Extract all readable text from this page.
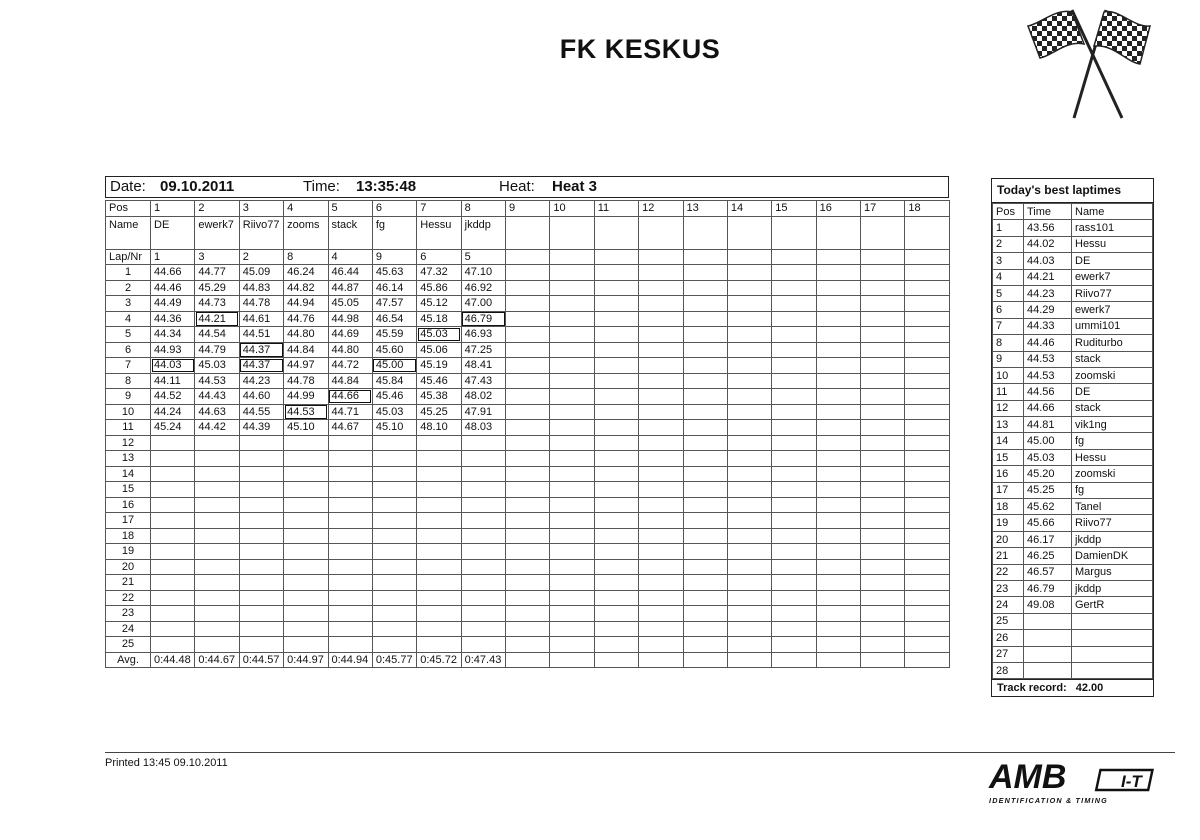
FK KESKUS
Date: 09.10.2011	Time: 13:35:48	Heat: Heat 3
Pos	1	2	3	4	5	6	7	8	9	10	11	12	13	14	15	16	17	18
Name	DE	ewerk7	Riivo77	zooms	stack	fg	Hessu	jkddp										
Lap/Nr	1	3	2	8	4	9	6	5										
1	44.66	44.77	45.09	46.24	46.44	45.63	47.32	47.10										
2	44.46	45.29	44.83	44.82	44.87	46.14	45.86	46.92										
3	44.49	44.73	44.78	44.94	45.05	47.57	45.12	47.00										
4	44.36	44.21	44.61	44.76	44.98	46.54	45.18	46.79										
5	44.34	44.54	44.51	44.80	44.69	45.59	45.03	46.93										
6	44.93	44.79	44.37	44.84	44.80	45.60	45.06	47.25										
7	44.03	45.03	44.37	44.97	44.72	45.00	45.19	48.41										
8	44.11	44.53	44.23	44.78	44.84	45.84	45.46	47.43										
9	44.52	44.43	44.60	44.99	44.66	45.46	45.38	48.02										
10	44.24	44.63	44.55	44.53	44.71	45.03	45.25	47.91										
11	45.24	44.42	44.39	45.10	44.67	45.10	48.10	48.03										
12																		
13																		
14																		
15																		
16																		
17																		
18																		
19																		
20																		
21																		
22																		
23																		
24																		
25																		
Avg.	0:44.48	0:44.67	0:44.57	0:44.97	0:44.94	0:45.77	0:45.72	0:47.43										
Today's best laptimes
Pos	Time	Name
1	43.56	rass101
2	44.02	Hessu
3	44.03	DE
4	44.21	ewerk7
5	44.23	Riivo77
6	44.29	ewerk7
7	44.33	ummi101
8	44.46	Ruditurbo
9	44.53	stack
10	44.53	zoomski
11	44.56	DE
12	44.66	stack
13	44.81	vik1ng
14	45.00	fg
15	45.03	Hessu
16	45.20	zoomski
17	45.25	fg
18	45.62	Tanel
19	45.66	Riivo77
20	46.17	jkddp
21	46.25	DamienDK
22	46.57	Margus
23	46.79	jkddp
24	49.08	GertR
25		
26		
27		
28		
Track record: 42.00
Printed 13:45 09.10.2011	AMB	I-T
IDENTIFICATION & TIMING
